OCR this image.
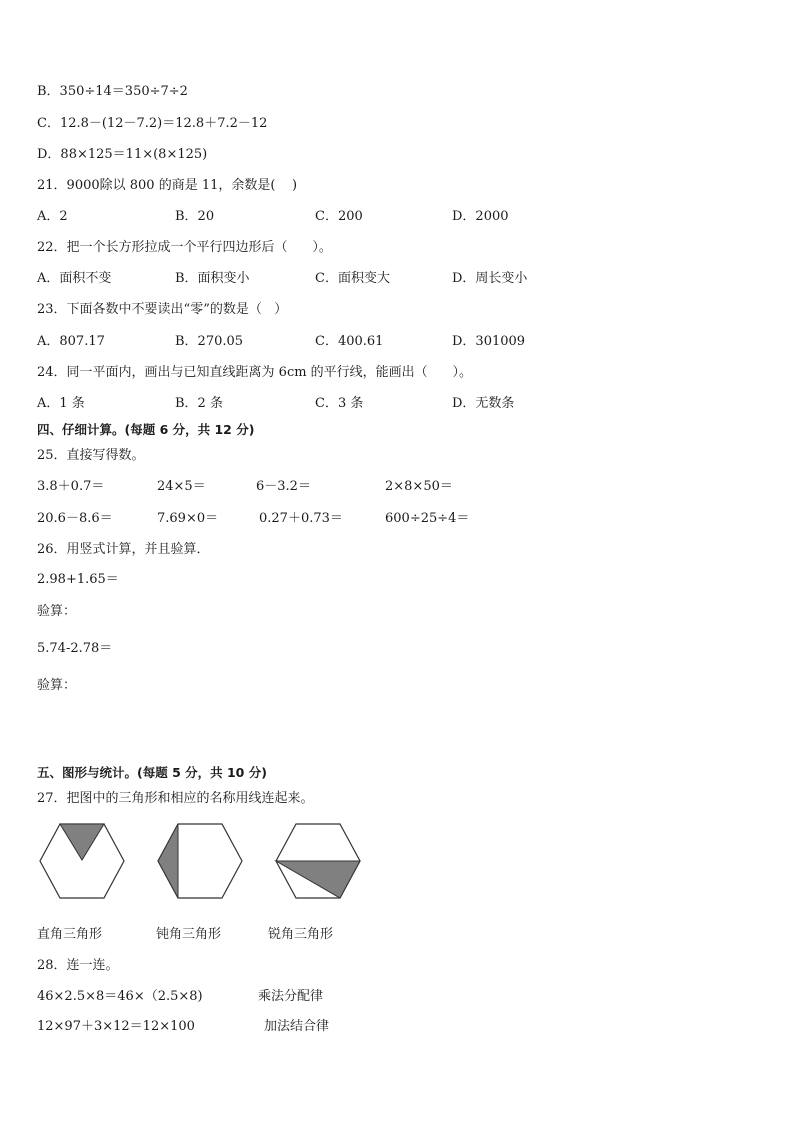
B．350÷14＝350÷7÷2
C．12.8－(12－7.2)＝12.8＋7.2－12
D．88×125＝11×(8×125)
21．9000除以 800 的商是 11，余数是(    )
A．2	B．20	C．200	D．2000
22．把一个长方形拉成一个平行四边形后（      ）。
A．面积不变	B．面积变小	C．面积变大	D．周长变小
23．下面各数中不要读出“零”的数是（   ）
A．807.17	B．270.05	C．400.61	D．301009
24．同一平面内，画出与已知直线距离为 6cm 的平行线，能画出（      ）。
A．1 条	B．2 条	C．3 条	D．无数条
四、仔细计算。(每题 6 分，共 12 分)
25．直接写得数。
3.8＋0.7＝	24×5＝	6－3.2＝	2×8×50＝
20.6－8.6＝	7.69×0＝	0.27＋0.73＝	600÷25÷4＝
26．用竖式计算，并且验算．
2.98+1.65＝
验算：
5.74-2.78＝
验算：
五、图形与统计。(每题 5 分，共 10 分)
27．把图中的三角形和相应的名称用线连起来。
直角三角形	钝角三角形	锐角三角形
28．连一连。
46×2.5×8＝46×（2.5×8)	乘法分配律
12×97＋3×12＝12×100	加法结合律
